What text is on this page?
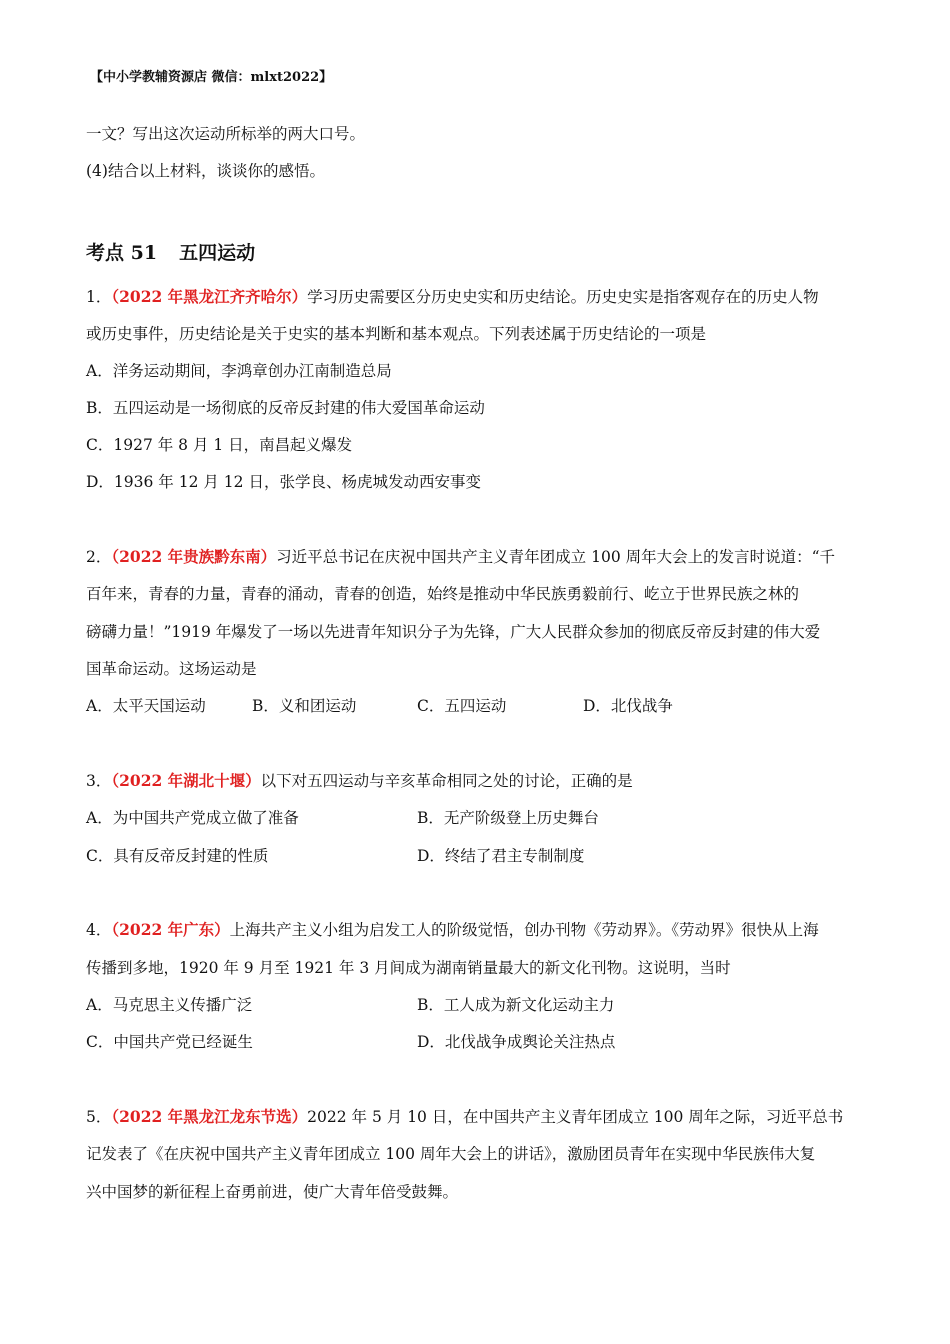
【中小学教辅资源店 微信：mlxt2022】
一文？写出这次运动所标举的两大口号。
(4)结合以上材料，谈谈你的感悟。
考点 51 五四运动
1．（2022 年黑龙江齐齐哈尔）学习历史需要区分历史史实和历史结论。历史史实是指客观存在的历史人物
或历史事件，历史结论是关于史实的基本判断和基本观点。下列表述属于历史结论的一项是
A．洋务运动期间，李鸿章创办江南制造总局
B．五四运动是一场彻底的反帝反封建的伟大爱国革命运动
C．1927 年 8 月 1 日，南昌起义爆发
D．1936 年 12 月 12 日，张学良、杨虎城发动西安事变
2．（2022 年贵族黔东南）习近平总书记在庆祝中国共产主义青年团成立 100 周年大会上的发言时说道：“千
百年来，青春的力量，青春的涌动，青春的创造，始终是推动中华民族勇毅前行、屹立于世界民族之林的
磅礴力量！”1919 年爆发了一场以先进青年知识分子为先锋，广大人民群众参加的彻底反帝反封建的伟大爱
国革命运动。这场运动是
A．太平天国运动	B．义和团运动	C．五四运动	D．北伐战争
3．（2022 年湖北十堰）以下对五四运动与辛亥革命相同之处的讨论，正确的是
A．为中国共产党成立做了准备	B．无产阶级登上历史舞台
C．具有反帝反封建的性质	D．终结了君主专制制度
4．（2022 年广东）上海共产主义小组为启发工人的阶级觉悟，创办刊物《劳动界》。《劳动界》很快从上海
传播到多地，1920 年 9 月至 1921 年 3 月间成为湖南销量最大的新文化刊物。这说明，当时
A．马克思主义传播广泛	B．工人成为新文化运动主力
C．中国共产党已经诞生	D．北伐战争成舆论关注热点
5．（2022 年黑龙江龙东节选）2022 年 5 月 10 日，在中国共产主义青年团成立 100 周年之际，习近平总书
记发表了《在庆祝中国共产主义青年团成立 100 周年大会上的讲话》，激励团员青年在实现中华民族伟大复
兴中国梦的新征程上奋勇前进，使广大青年倍受鼓舞。
